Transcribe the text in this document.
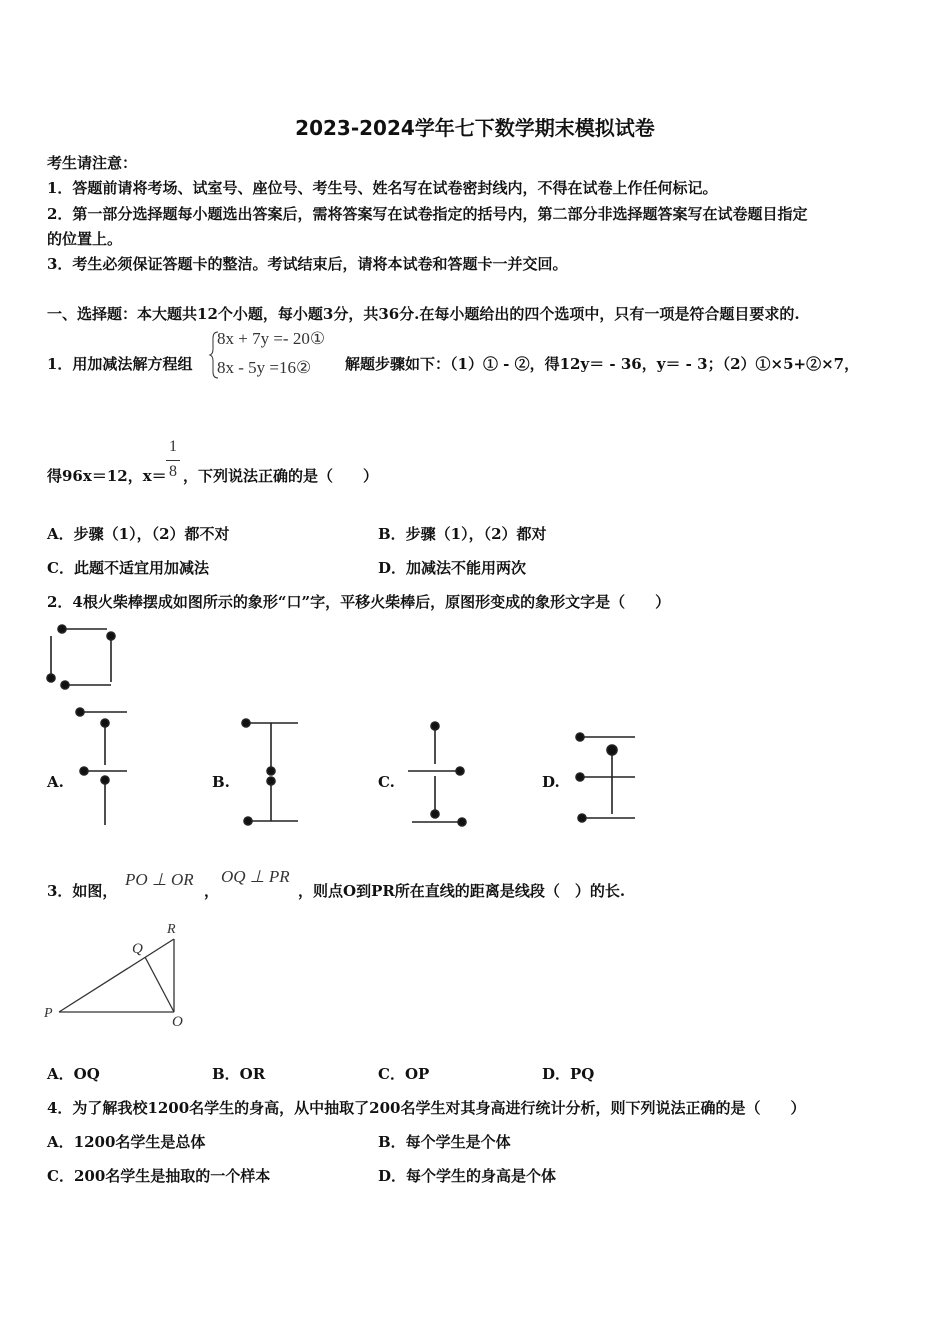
2023-2024学年七下数学期末模拟试卷
考生请注意：
1．答题前请将考场、试室号、座位号、考生号、姓名写在试卷密封线内，不得在试卷上作任何标记。
2．第一部分选择题每小题选出答案后，需将答案写在试卷指定的括号内，第二部分非选择题答案写在试卷题目指定
的位置上。
3．考生必须保证答题卡的整洁。考试结束后，请将本试卷和答题卡一并交回。
一、选择题：本大题共12个小题，每小题3分，共36分.在每小题给出的四个选项中，只有一项是符合题目要求的.
1．用加减法解方程组
8x + 7y =- 20①
8x - 5y =16② 解题步骤如下：（1）① - ②，得12y＝ - 36，y＝ - 3；（2）①×5+②×7，
得96x＝12，x＝
1
8 ，下列说法正确的是（　　）
A．步骤（1），（2）都不对	B．步骤（1），（2）都对
C．此题不适宜用加减法	D．加减法不能用两次
2．4根火柴棒摆成如图所示的象形“口”字，平移火柴棒后，原图形变成的象形文字是（　　）
A.	B.	C.	D.
3．如图，
PO ⊥ OR
，
OQ ⊥ PR
，则点O到PR所在直线的距离是线段（　）的长.
R
Q
P
O
A．OQ	B．OR	C．OP	D．PQ
4．为了解我校1200名学生的身高，从中抽取了200名学生对其身高进行统计分析，则下列说法正确的是（　　）
A．1200名学生是总体	B．每个学生是个体
C．200名学生是抽取的一个样本	D．每个学生的身高是个体
